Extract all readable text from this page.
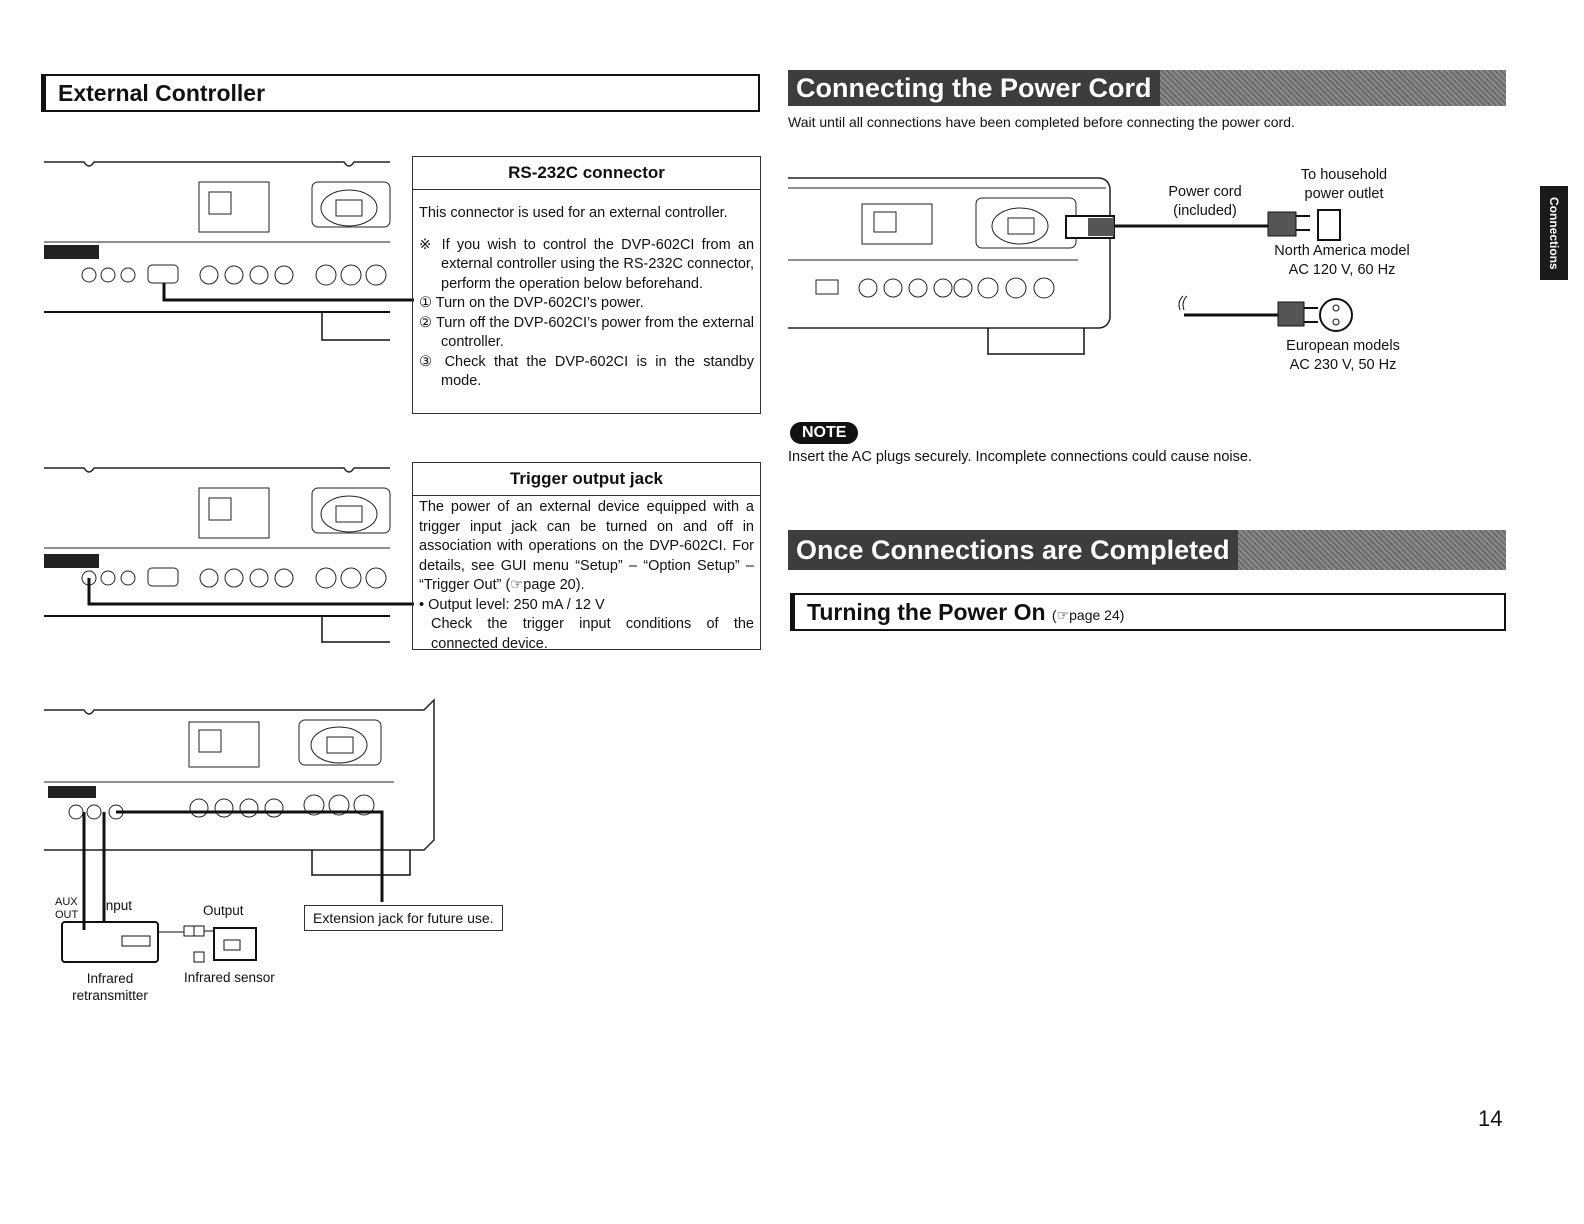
External Controller
RS-232C connector

This connector is used for an external controller.

※ If you wish to control the DVP-602CI from an external controller using the RS-232C connector, perform the operation below beforehand.

① Turn on the DVP-602CI’s power.

② Turn off the DVP-602CI’s power from the external controller.

③ Check that the DVP-602CI is in the standby mode.

Trigger output jack

The power of an external device equipped with a trigger input jack can be turned on and off in association with operations on the DVP-602CI. For details, see GUI menu “Setup” – “Option Setup” – “Trigger Out” (☞page 20).

• Output level: 250 mA / 12 V

Check the trigger input conditions of the connected device.

AUX
OUT
Input	Output	Extension jack for future use.
Infrared
retransmitter
Infrared sensor
Connecting the Power Cord
Wait until all connections have been completed before connecting the power cord.
Power cord
(included)
To household
power outlet
North America model
AC 120 V, 60 Hz
European models
AC 230 V, 50 Hz
NOTE
Insert the AC plugs securely. Incomplete connections could cause noise.
Once Connections are Completed
Turning the Power On (☞page 24)
Connections
14
